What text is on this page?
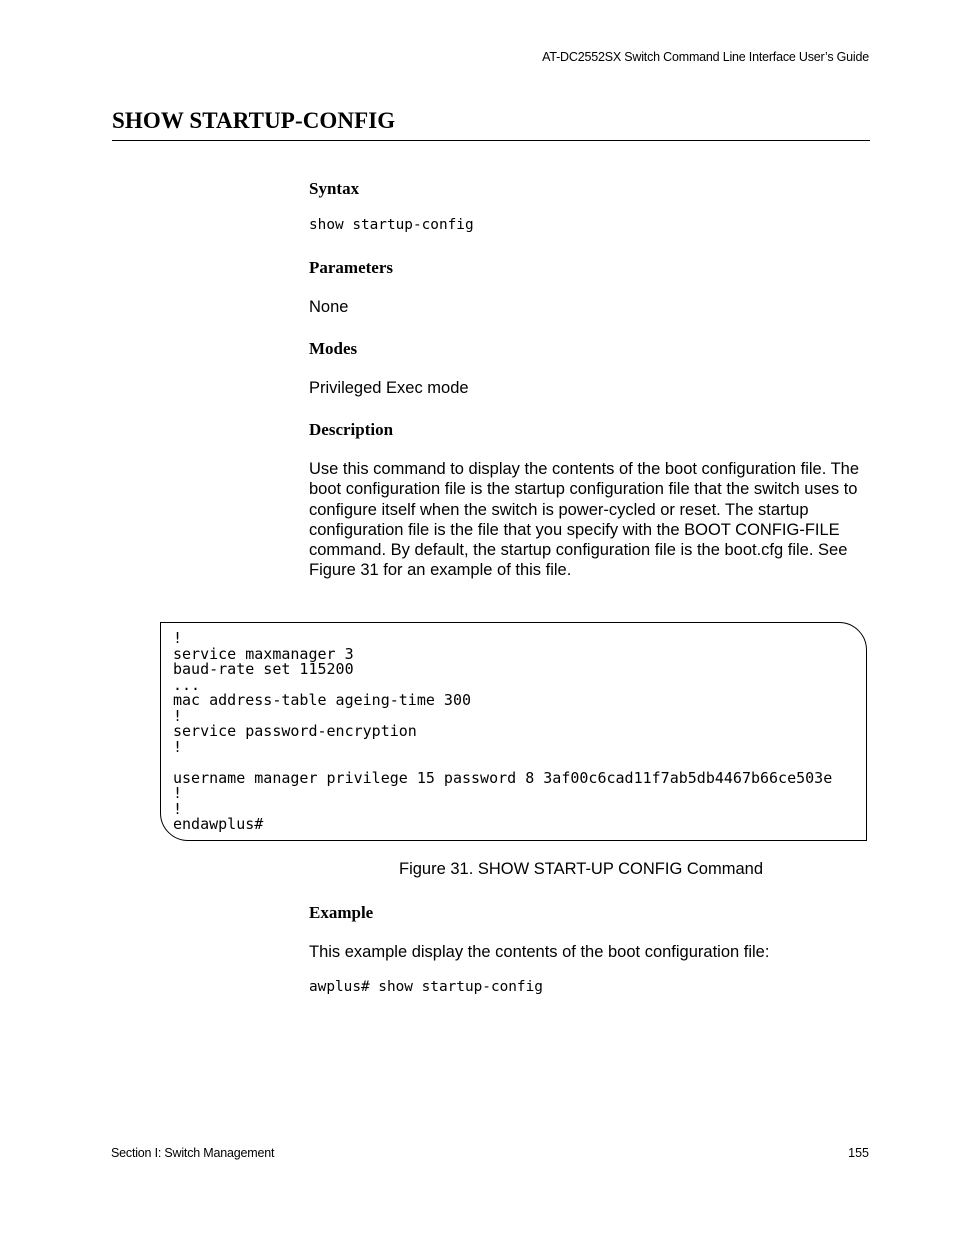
AT-DC2552SX Switch Command Line Interface User’s Guide
SHOW STARTUP-CONFIG
Syntax
show startup-config
Parameters
None
Modes
Privileged Exec mode
Description

Use this command to display the contents of the boot configuration file. The boot configuration file is the startup configuration file that the switch uses to configure itself when the switch is power-cycled or reset. The startup configuration file is the file that you specify with the BOOT CONFIG-FILE command. By default, the startup configuration file is the boot.cfg file. See Figure 31 for an example of this file.

!
service maxmanager 3
baud-rate set 115200
...
mac address-table ageing-time 300
!
service password-encryption
!
username manager privilege 15 password 8 3af00c6cad11f7ab5db4467b66ce503e
!
!
endawplus#
Figure 31. SHOW START-UP CONFIG Command
Example
This example display the contents of the boot configuration file:
awplus# show startup-config
Section I: Switch Management	155
